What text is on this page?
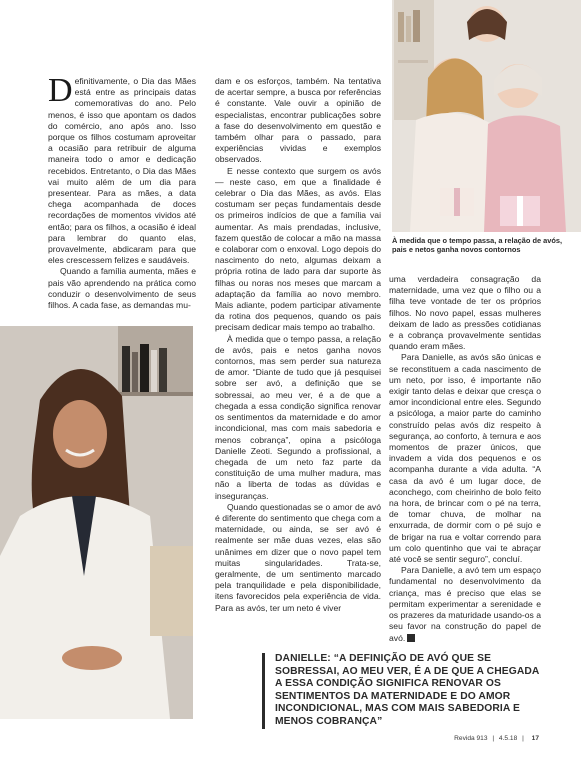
À medida que o tempo passa, a relação de avós, pais e netos ganha novos contornos

Definitivamente, o Dia das Mães está entre as principais datas comemorativas do ano. Pelo menos, é isso que apontam os dados do comércio, ano após ano. Isso porque os filhos costumam aproveitar a ocasião para retribuir de alguma maneira todo o amor e dedicação recebidos. Entretanto, o Dia das Mães vai muito além de um dia para presentear. Para as mães, a data chega acompanhada de doces recordações de momentos vividos até então; para os filhos, a ocasião é ideal para lembrar do quanto elas, provavelmente, abdicaram para que eles crescessem felizes e saudáveis.

Quando a família aumenta, mães e pais vão aprendendo na prática como conduzir o desenvolvimento de seus filhos. A cada fase, as demandas mu-

dam e os esforços, também. Na tentativa de acertar sempre, a busca por referências é constante. Vale ouvir a opinião de especialistas, encontrar publicações sobre a fase do desenvolvimento em questão e também olhar para o passado, para experiências vividas e exemplos observados.

E nesse contexto que surgem os avós — neste caso, em que a finalidade é celebrar o Dia das Mães, as avós. Elas costumam ser peças fundamentais desde os primeiros indícios de que a família vai aumentar. As mais prendadas, inclusive, fazem questão de colocar a mão na massa e colaborar com o enxoval. Logo depois do nascimento do neto, algumas deixam a própria rotina de lado para dar suporte às filhas ou noras nos meses que marcam a adaptação da família ao novo membro. Mais adiante, podem participar ativamente da rotina dos pequenos, quando os pais precisam dedicar mais tempo ao trabalho.

À medida que o tempo passa, a relação de avós, pais e netos ganha novos contornos, mas sem perder sua natureza de amor. “Diante de tudo que já pesquisei sobre ser avó, a definição que se sobressai, ao meu ver, é a de que a chegada a essa condição significa renovar os sentimentos da maternidade e do amor incondicional, mas com mais sabedoria e menos cobrança”, opina a psicóloga Danielle Zeoti. Segundo a profissional, a chegada de um neto faz parte da constituição de uma mulher madura, mas não a liberta de todas as dúvidas e inseguranças.

Quando questionadas se o amor de avó é diferente do sentimento que chega com a maternidade, ou ainda, se ser avó é realmente ser mãe duas vezes, elas são unânimes em dizer que o novo papel tem muitas singularidades. Trata-se, geralmente, de um sentimento marcado pela tranquilidade e pela disponibilidade, itens favorecidos pela experiência de vida. Para as avós, ter um neto é viver

uma verdadeira consagração da maternidade, uma vez que o filho ou a filha teve vontade de ter os próprios filhos. No novo papel, essas mulheres deixam de lado as pressões cotidianas e a cobrança provavelmente sentidas quando eram mães.

Para Danielle, as avós são únicas e se reconstituem a cada nascimento de um neto, por isso, é importante não exigir tanto delas e deixar que cresça o amor incondicional entre eles. Segundo a psicóloga, a maior parte do caminho construído pelas avós diz respeito à segurança, ao conforto, à ternura e aos momentos de prazer únicos, que invadem a vida dos pequenos e os acompanha durante a vida adulta. “A casa da avó é um lugar doce, de aconchego, com cheirinho de bolo feito na hora, de brincar com o pé na terra, de tomar chuva, de molhar na enxurrada, de dormir com o pé sujo e de brigar na rua e voltar correndo para um colo quentinho que vai te abraçar até você se sentir seguro”, concluí.

Para Danielle, a avó tem um espaço fundamental no desenvolvimento da criança, mas é preciso que elas se permitam experimentar a serenidade e os prazeres da maturidade usando-os a seu favor na construção do papel de avó.

DANIELLE: “A DEFINIÇÃO DE AVÓ QUE SE SOBRESSAI, AO MEU VER, É A DE QUE A CHEGADA A ESSA CONDIÇÃO SIGNIFICA RENOVAR OS SENTIMENTOS DA MATERNIDADE E DO AMOR INCONDICIONAL, MAS COM MAIS SABEDORIA E MENOS COBRANÇA”
Revida 913 | 4.5.18 | 17
